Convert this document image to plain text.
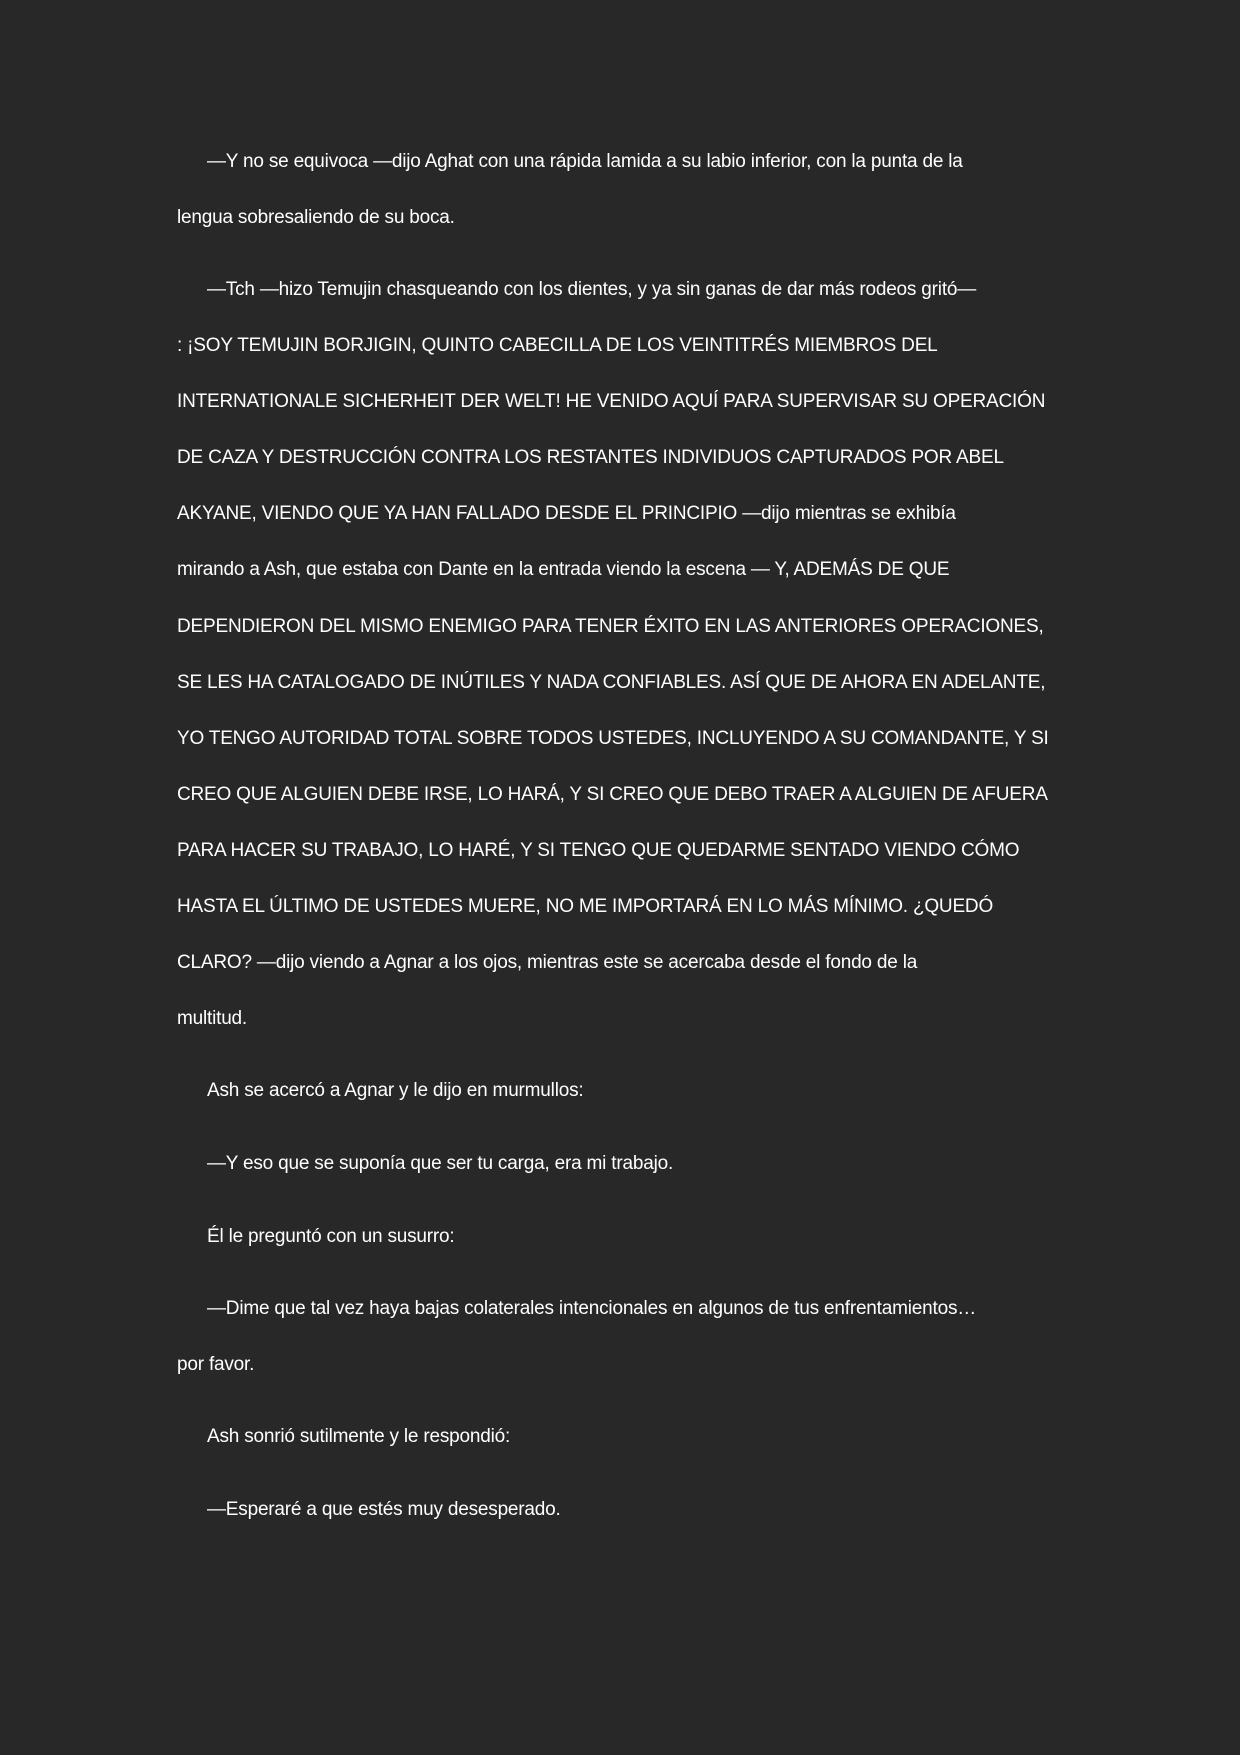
—Y no se equivoca —dijo Aghat con una rápida lamida a su labio inferior, con la punta de la
lengua sobresaliendo de su boca.
—Tch —hizo Temujin chasqueando con los dientes, y ya sin ganas de dar más rodeos gritó—
: ¡SOY TEMUJIN BORJIGIN, QUINTO CABECILLA DE LOS VEINTITRÉS MIEMBROS DEL
INTERNATIONALE SICHERHEIT DER WELT! HE VENIDO AQUÍ PARA SUPERVISAR SU OPERACIÓN
DE CAZA Y DESTRUCCIÓN CONTRA LOS RESTANTES INDIVIDUOS CAPTURADOS POR ABEL
AKYANE, VIENDO QUE YA HAN FALLADO DESDE EL PRINCIPIO —dijo mientras se exhibía
mirando a Ash, que estaba con Dante en la entrada viendo la escena — Y, ADEMÁS DE QUE
DEPENDIERON DEL MISMO ENEMIGO PARA TENER ÉXITO EN LAS ANTERIORES OPERACIONES,
SE LES HA CATALOGADO DE INÚTILES Y NADA CONFIABLES. ASÍ QUE DE AHORA EN ADELANTE,
YO TENGO AUTORIDAD TOTAL SOBRE TODOS USTEDES, INCLUYENDO A SU COMANDANTE, Y SI
CREO QUE ALGUIEN DEBE IRSE, LO HARÁ, Y SI CREO QUE DEBO TRAER A ALGUIEN DE AFUERA
PARA HACER SU TRABAJO, LO HARÉ, Y SI TENGO QUE QUEDARME SENTADO VIENDO CÓMO
HASTA EL ÚLTIMO DE USTEDES MUERE, NO ME IMPORTARÁ EN LO MÁS MÍNIMO. ¿QUEDÓ
CLARO? —dijo viendo a Agnar a los ojos, mientras este se acercaba desde el fondo de la
multitud.
Ash se acercó a Agnar y le dijo en murmullos:
—Y eso que se suponía que ser tu carga, era mi trabajo.
Él le preguntó con un susurro:
—Dime que tal vez haya bajas colaterales intencionales en algunos de tus enfrentamientos…
por favor.
Ash sonrió sutilmente y le respondió:
—Esperaré a que estés muy desesperado.
